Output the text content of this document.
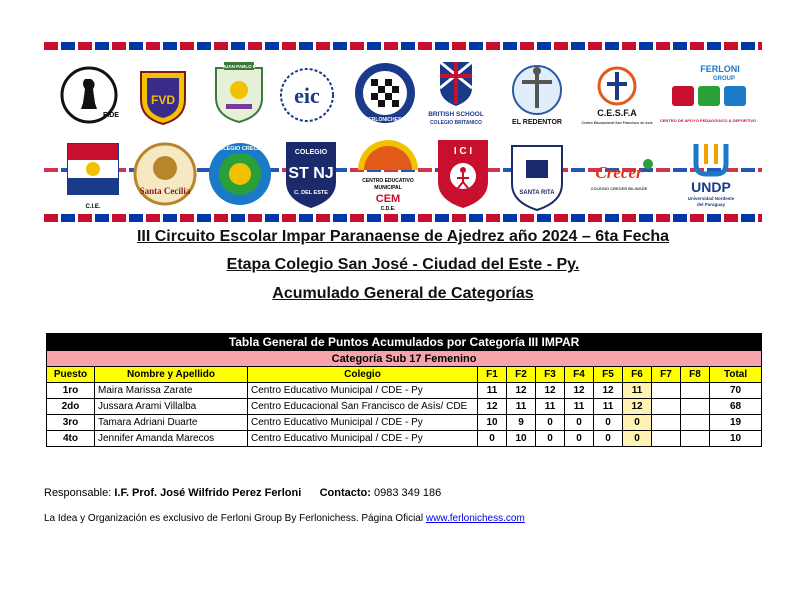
FIDE
FVD
JUAN PABLO II
eic
FERLONICHESS
BRITISH SCHOOL
COLEGIO BRITANICO	EL REDENTOR
C.E.S.F.A
Centro Educacional San Francisco de Asís
FERLONI
GROUP
CENTRO DE APOYO PEDAGÓGICO & DEPORTIVO
C.I.E.
Santa Cecilia
COLEGIO CRECER	COLEGIO
ST NJ
C. DEL ESTE
CENTRO EDUCATIVO
MUNICIPAL
CEM
C.D.E.
I C I
SANTA RITA
Crecer
COLEGIO CRECER BILINGÜE	UNDP
Universidad Nordeste
del Paraguay
III Circuito Escolar Impar Paranaense de Ajedrez año 2024 – 6ta Fecha
Etapa Colegio San José - Ciudad del Este - Py.
Acumulado General de Categorías
Tabla General de Puntos Acumulados por Categoría III IMPAR											
Categoría Sub 17 Femenino											
Puesto	Nombre y Apellido	Colegio	F1	F2	F3	F4	F5	F6	F7	F8	Total
1ro	Maira Marissa Zarate	Centro Educativo Municipal / CDE - Py	11	12	12	12	12	11			70
2do	Jussara Arami Villalba	Centro Educacional San Francisco de Asís/ CDE	12	11	11	11	11	12			68
3ro	Tamara Adriani Duarte	Centro Educativo Municipal / CDE - Py	10	9	0	0	0	0			19
4to	Jennifer Amanda Marecos	Centro Educativo Municipal / CDE - Py	0	10	0	0	0	0			10
Responsable: I.F. Prof. José Wilfrido Perez Ferloni Contacto: 0983 349 186
La Idea y Organización es exclusivo de Ferloni Group By Ferlonichess. Página Oficial www.ferlonichess.com
